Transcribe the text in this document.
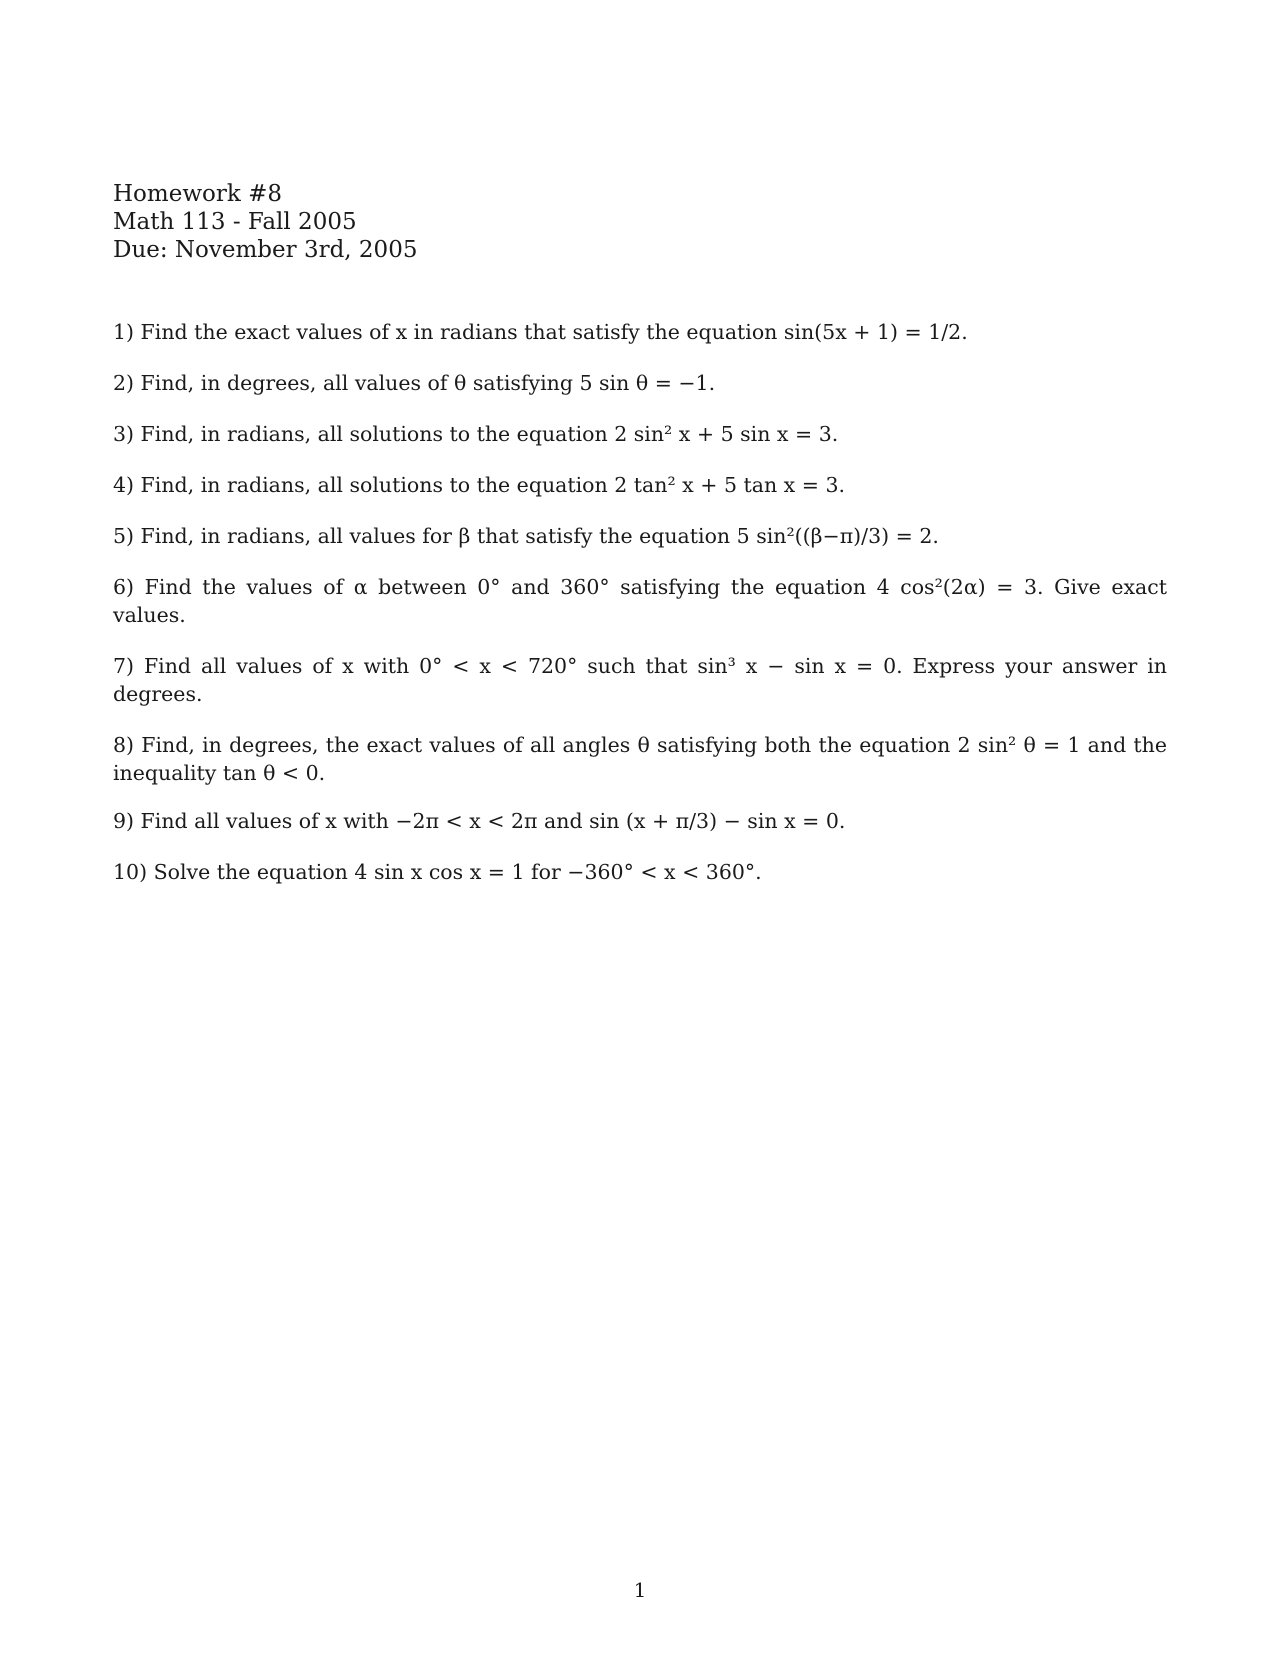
Homework #8
Math 113 - Fall 2005
Due: November 3rd, 2005
1) Find the exact values of x in radians that satisfy the equation sin(5x + 1) = 1/2.
2) Find, in degrees, all values of θ satisfying 5 sin θ = −1.
3) Find, in radians, all solutions to the equation 2 sin² x + 5 sin x = 3.
4) Find, in radians, all solutions to the equation 2 tan² x + 5 tan x = 3.
5) Find, in radians, all values for β that satisfy the equation 5 sin²((β−π)/3) = 2.
6) Find the values of α between 0° and 360° satisfying the equation 4 cos²(2α) = 3. Give exact values.
7) Find all values of x with 0° < x < 720° such that sin³ x − sin x = 0. Express your answer in degrees.
8) Find, in degrees, the exact values of all angles θ satisfying both the equation 2 sin² θ = 1 and the inequality tan θ < 0.
9) Find all values of x with −2π < x < 2π and sin (x + π/3) − sin x = 0.
10) Solve the equation 4 sin x cos x = 1 for −360° < x < 360°.
1
